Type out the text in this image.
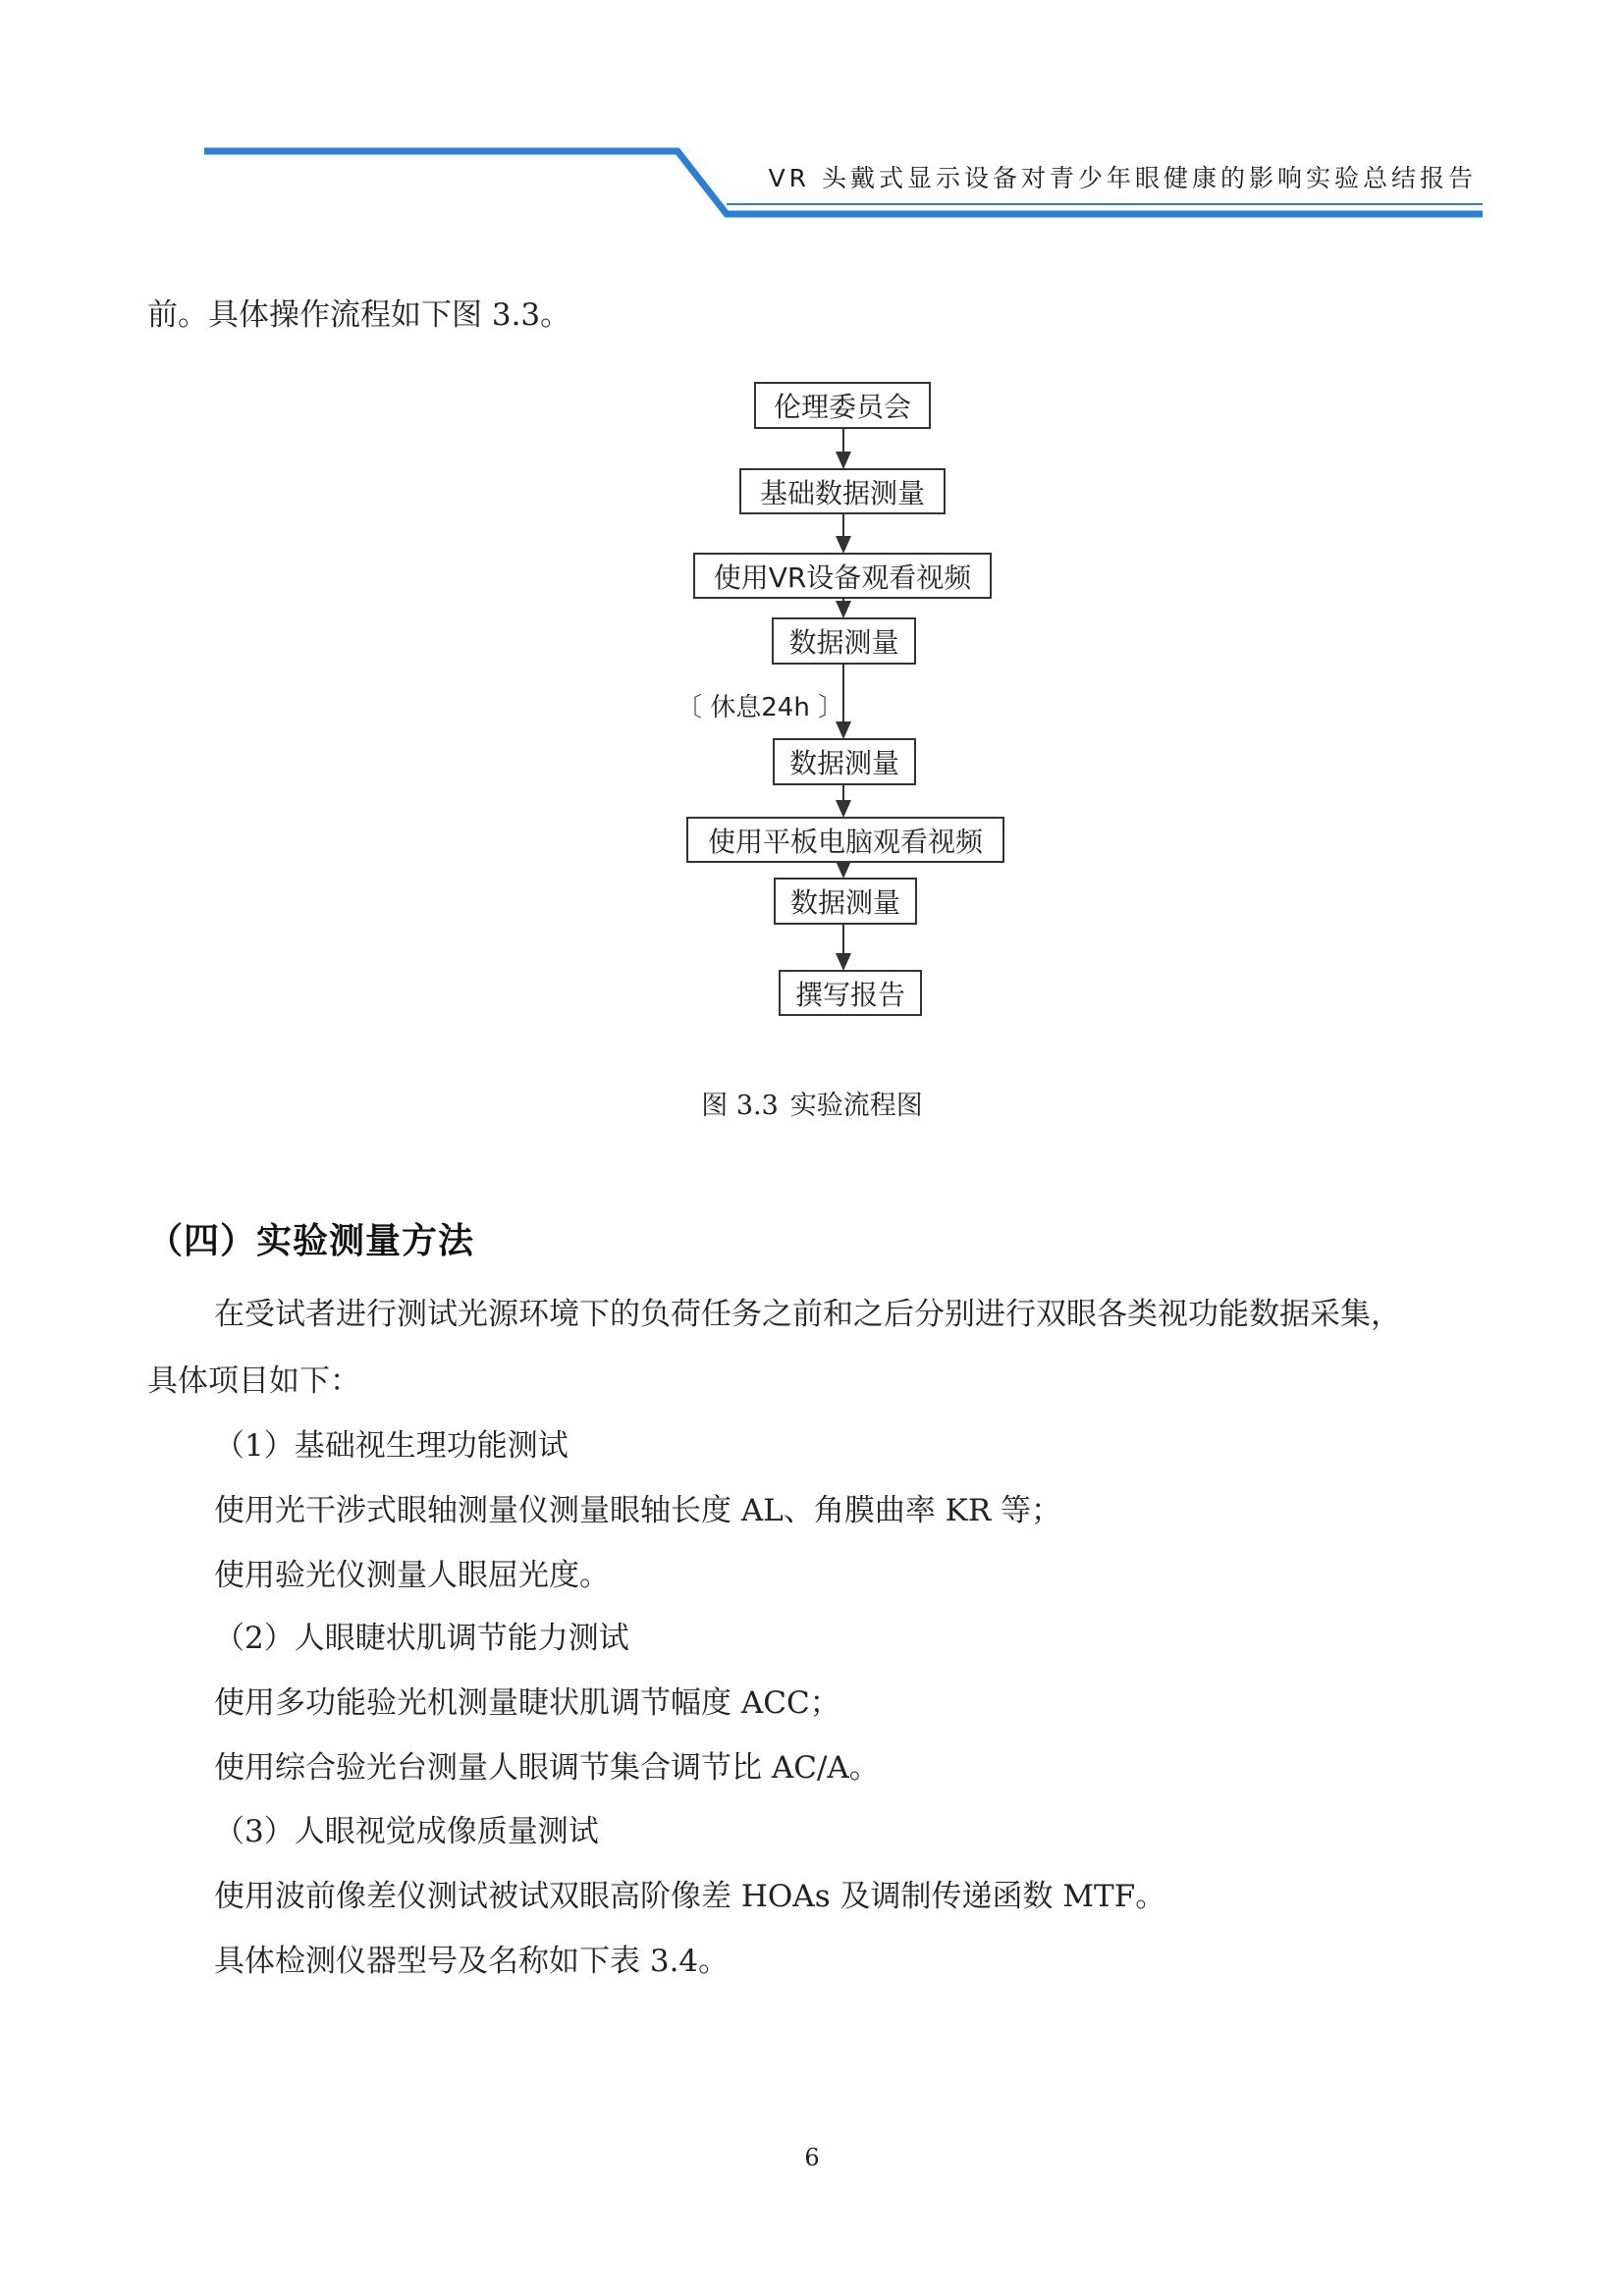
VR 头戴式显示设备对青少年眼健康的影响实验总结报告

前。具体操作流程如下图 3.3。

伦理委员会
基础数据测量
使用VR设备观看视频
数据测量
〔 休息24h 〕
数据测量
使用平板电脑观看视频
数据测量
撰写报告
图 3.3 实验流程图
（四）实验测量方法

在受试者进行测试光源环境下的负荷任务之前和之后分别进行双眼各类视功能数据采集，

具体项目如下：

（1）基础视生理功能测试

使用光干涉式眼轴测量仪测量眼轴长度 AL、角膜曲率 KR 等；

使用验光仪测量人眼屈光度。

（2）人眼睫状肌调节能力测试

使用多功能验光机测量睫状肌调节幅度 ACC；

使用综合验光台测量人眼调节集合调节比 AC/A。

（3）人眼视觉成像质量测试

使用波前像差仪测试被试双眼高阶像差 HOAs 及调制传递函数 MTF。

具体检测仪器型号及名称如下表 3.4。

6
